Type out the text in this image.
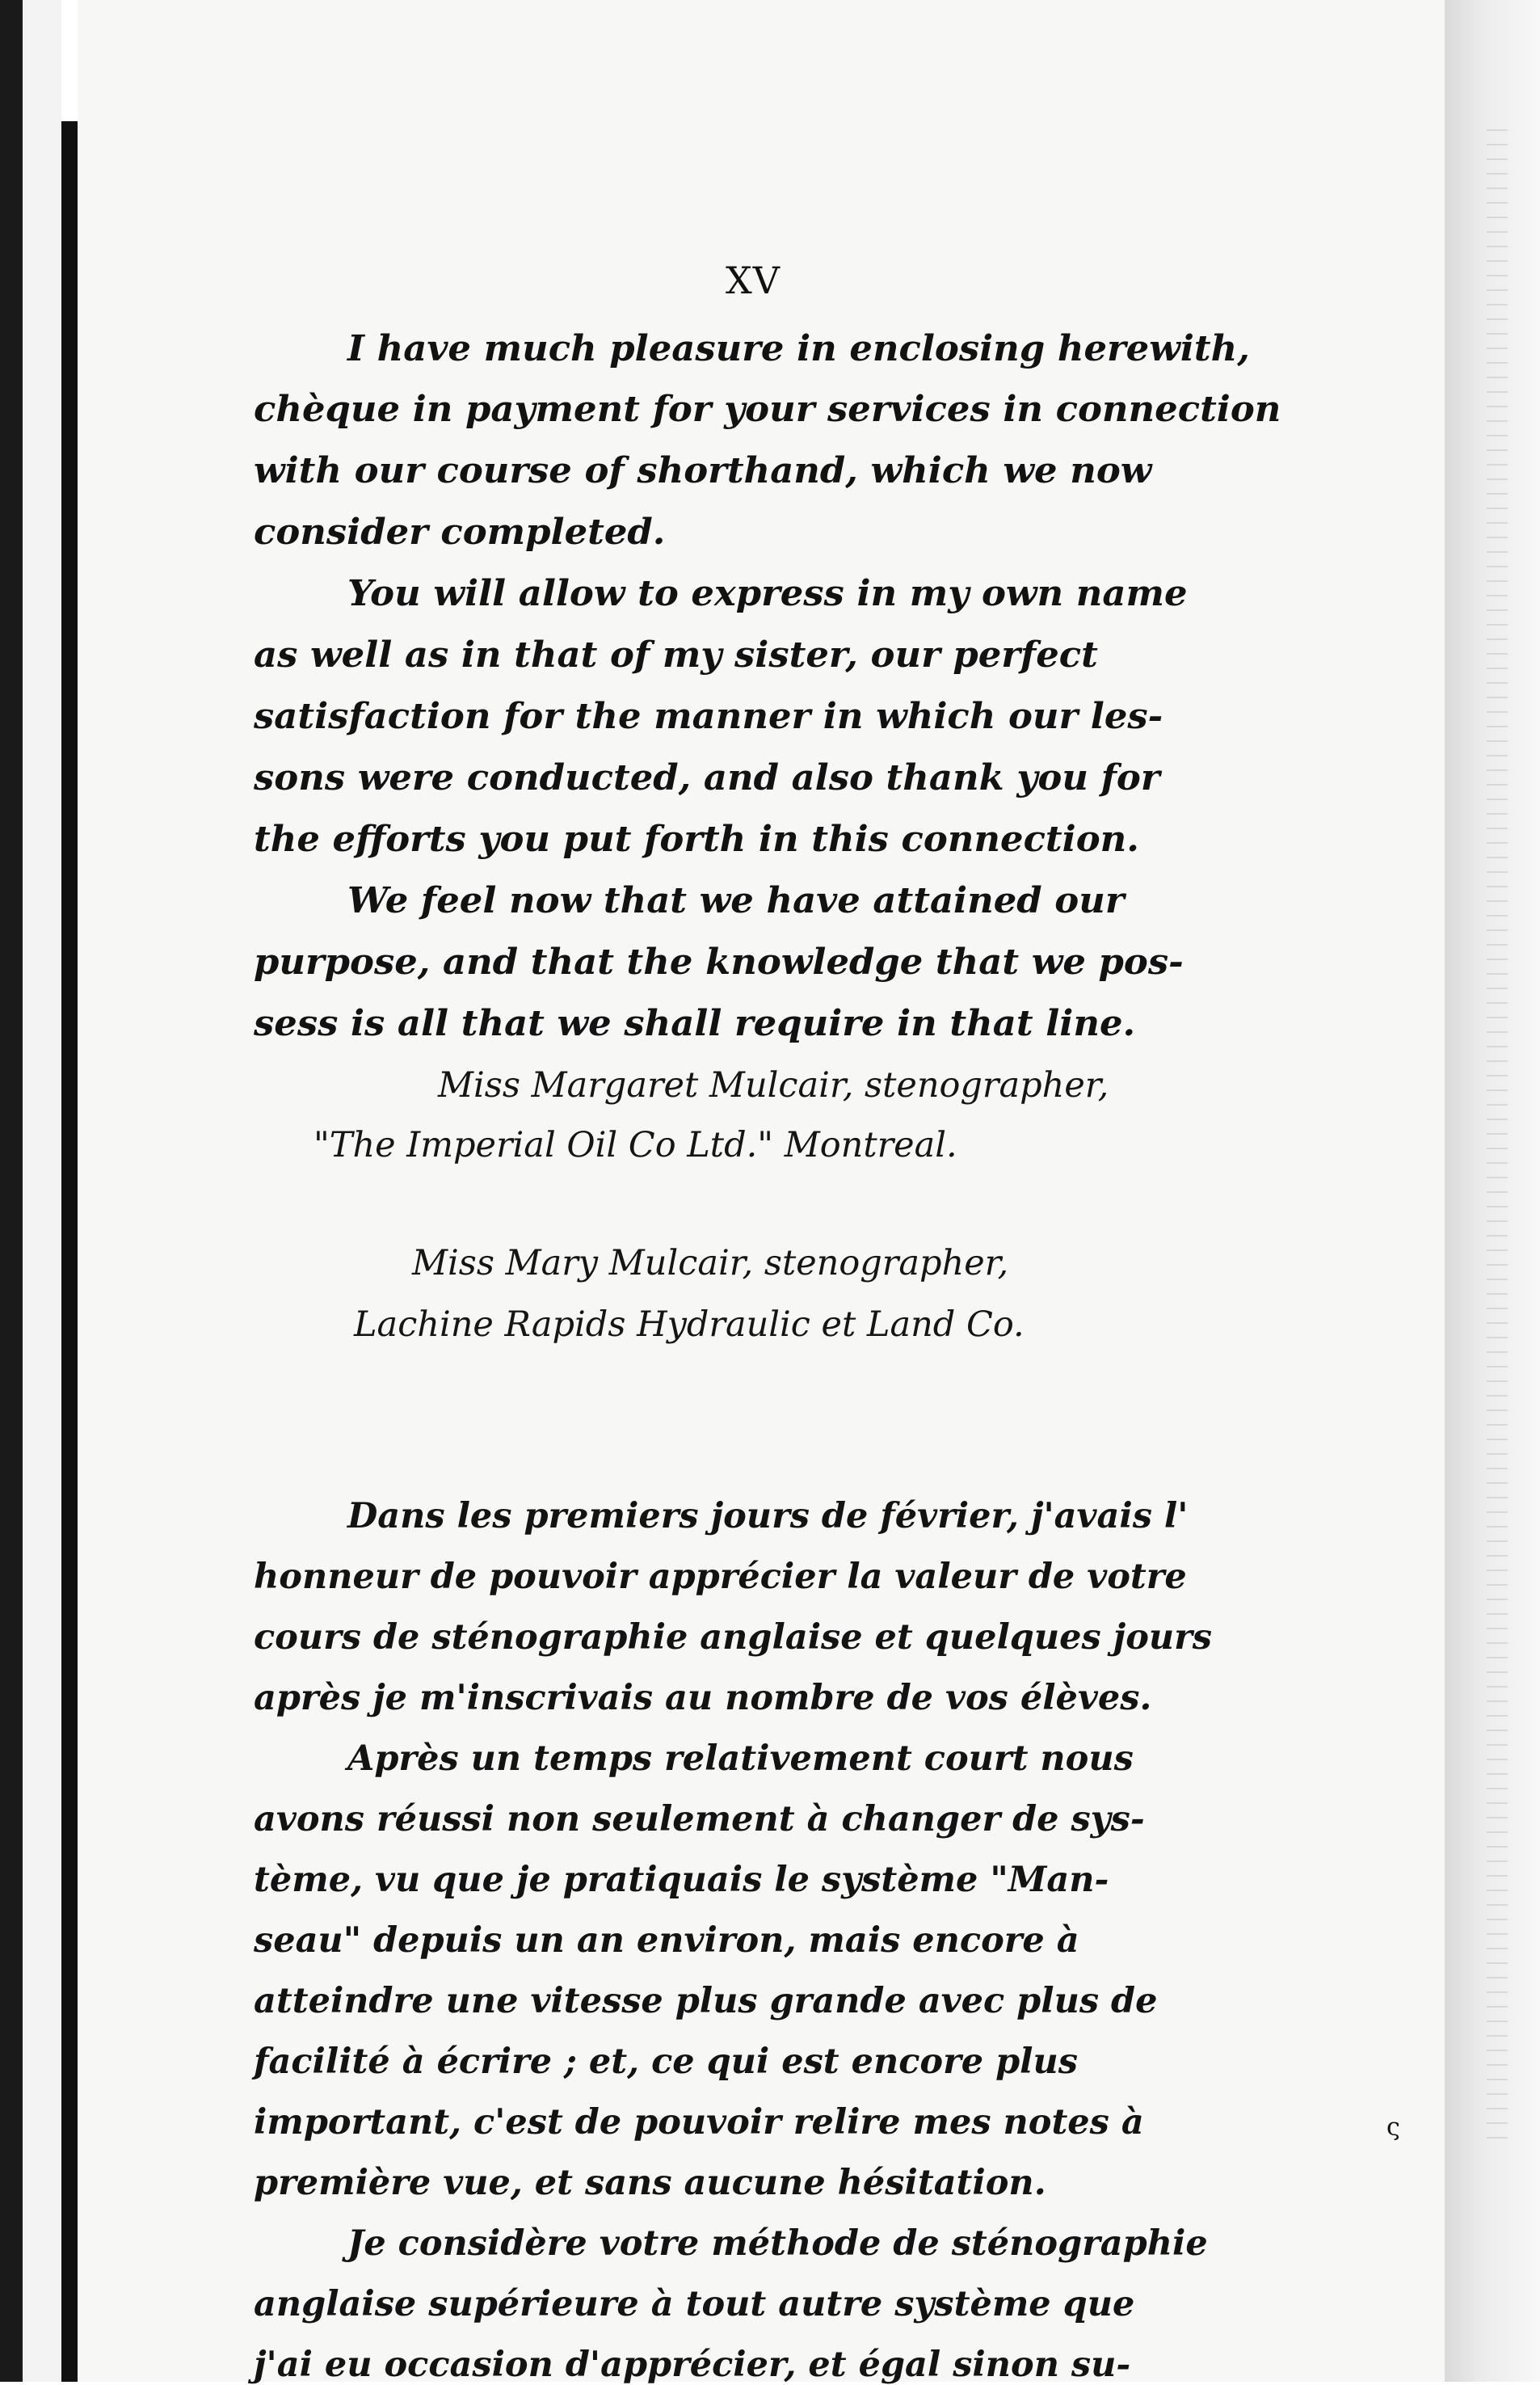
XV
I have much pleasure in enclosing herewith,
chèque in payment for your services in connection
with our course of shorthand, which we now
consider completed.
You will allow to express in my own name
as well as in that of my sister, our perfect
satisfaction for the manner in which our les-
sons were conducted, and also thank you for
the efforts you put forth in this connection.
We feel now that we have attained our
purpose, and that the knowledge that we pos-
sess is all that we shall require in that line.
Miss Margaret Mulcair, stenographer,
"The Imperial Oil Co Ltd." Montreal.
Miss Mary Mulcair, stenographer,
Lachine Rapids Hydraulic et Land Co.
Dans les premiers jours de février, j'avais l'
honneur de pouvoir apprécier la valeur de votre
cours de sténographie anglaise et quelques jours
après je m'inscrivais au nombre de vos élèves.
Après un temps relativement court nous
avons réussi non seulement à changer de sys-
tème, vu que je pratiquais le système "Man-
seau" depuis un an environ, mais encore à
atteindre une vitesse plus grande avec plus de
facilité à écrire ; et, ce qui est encore plus
important, c'est de pouvoir relire mes notes à
première vue, et sans aucune hésitation.
Je considère votre méthode de sténographie
anglaise supérieure à tout autre système que
j'ai eu occasion d'apprécier, et égal sinon su-
ς
